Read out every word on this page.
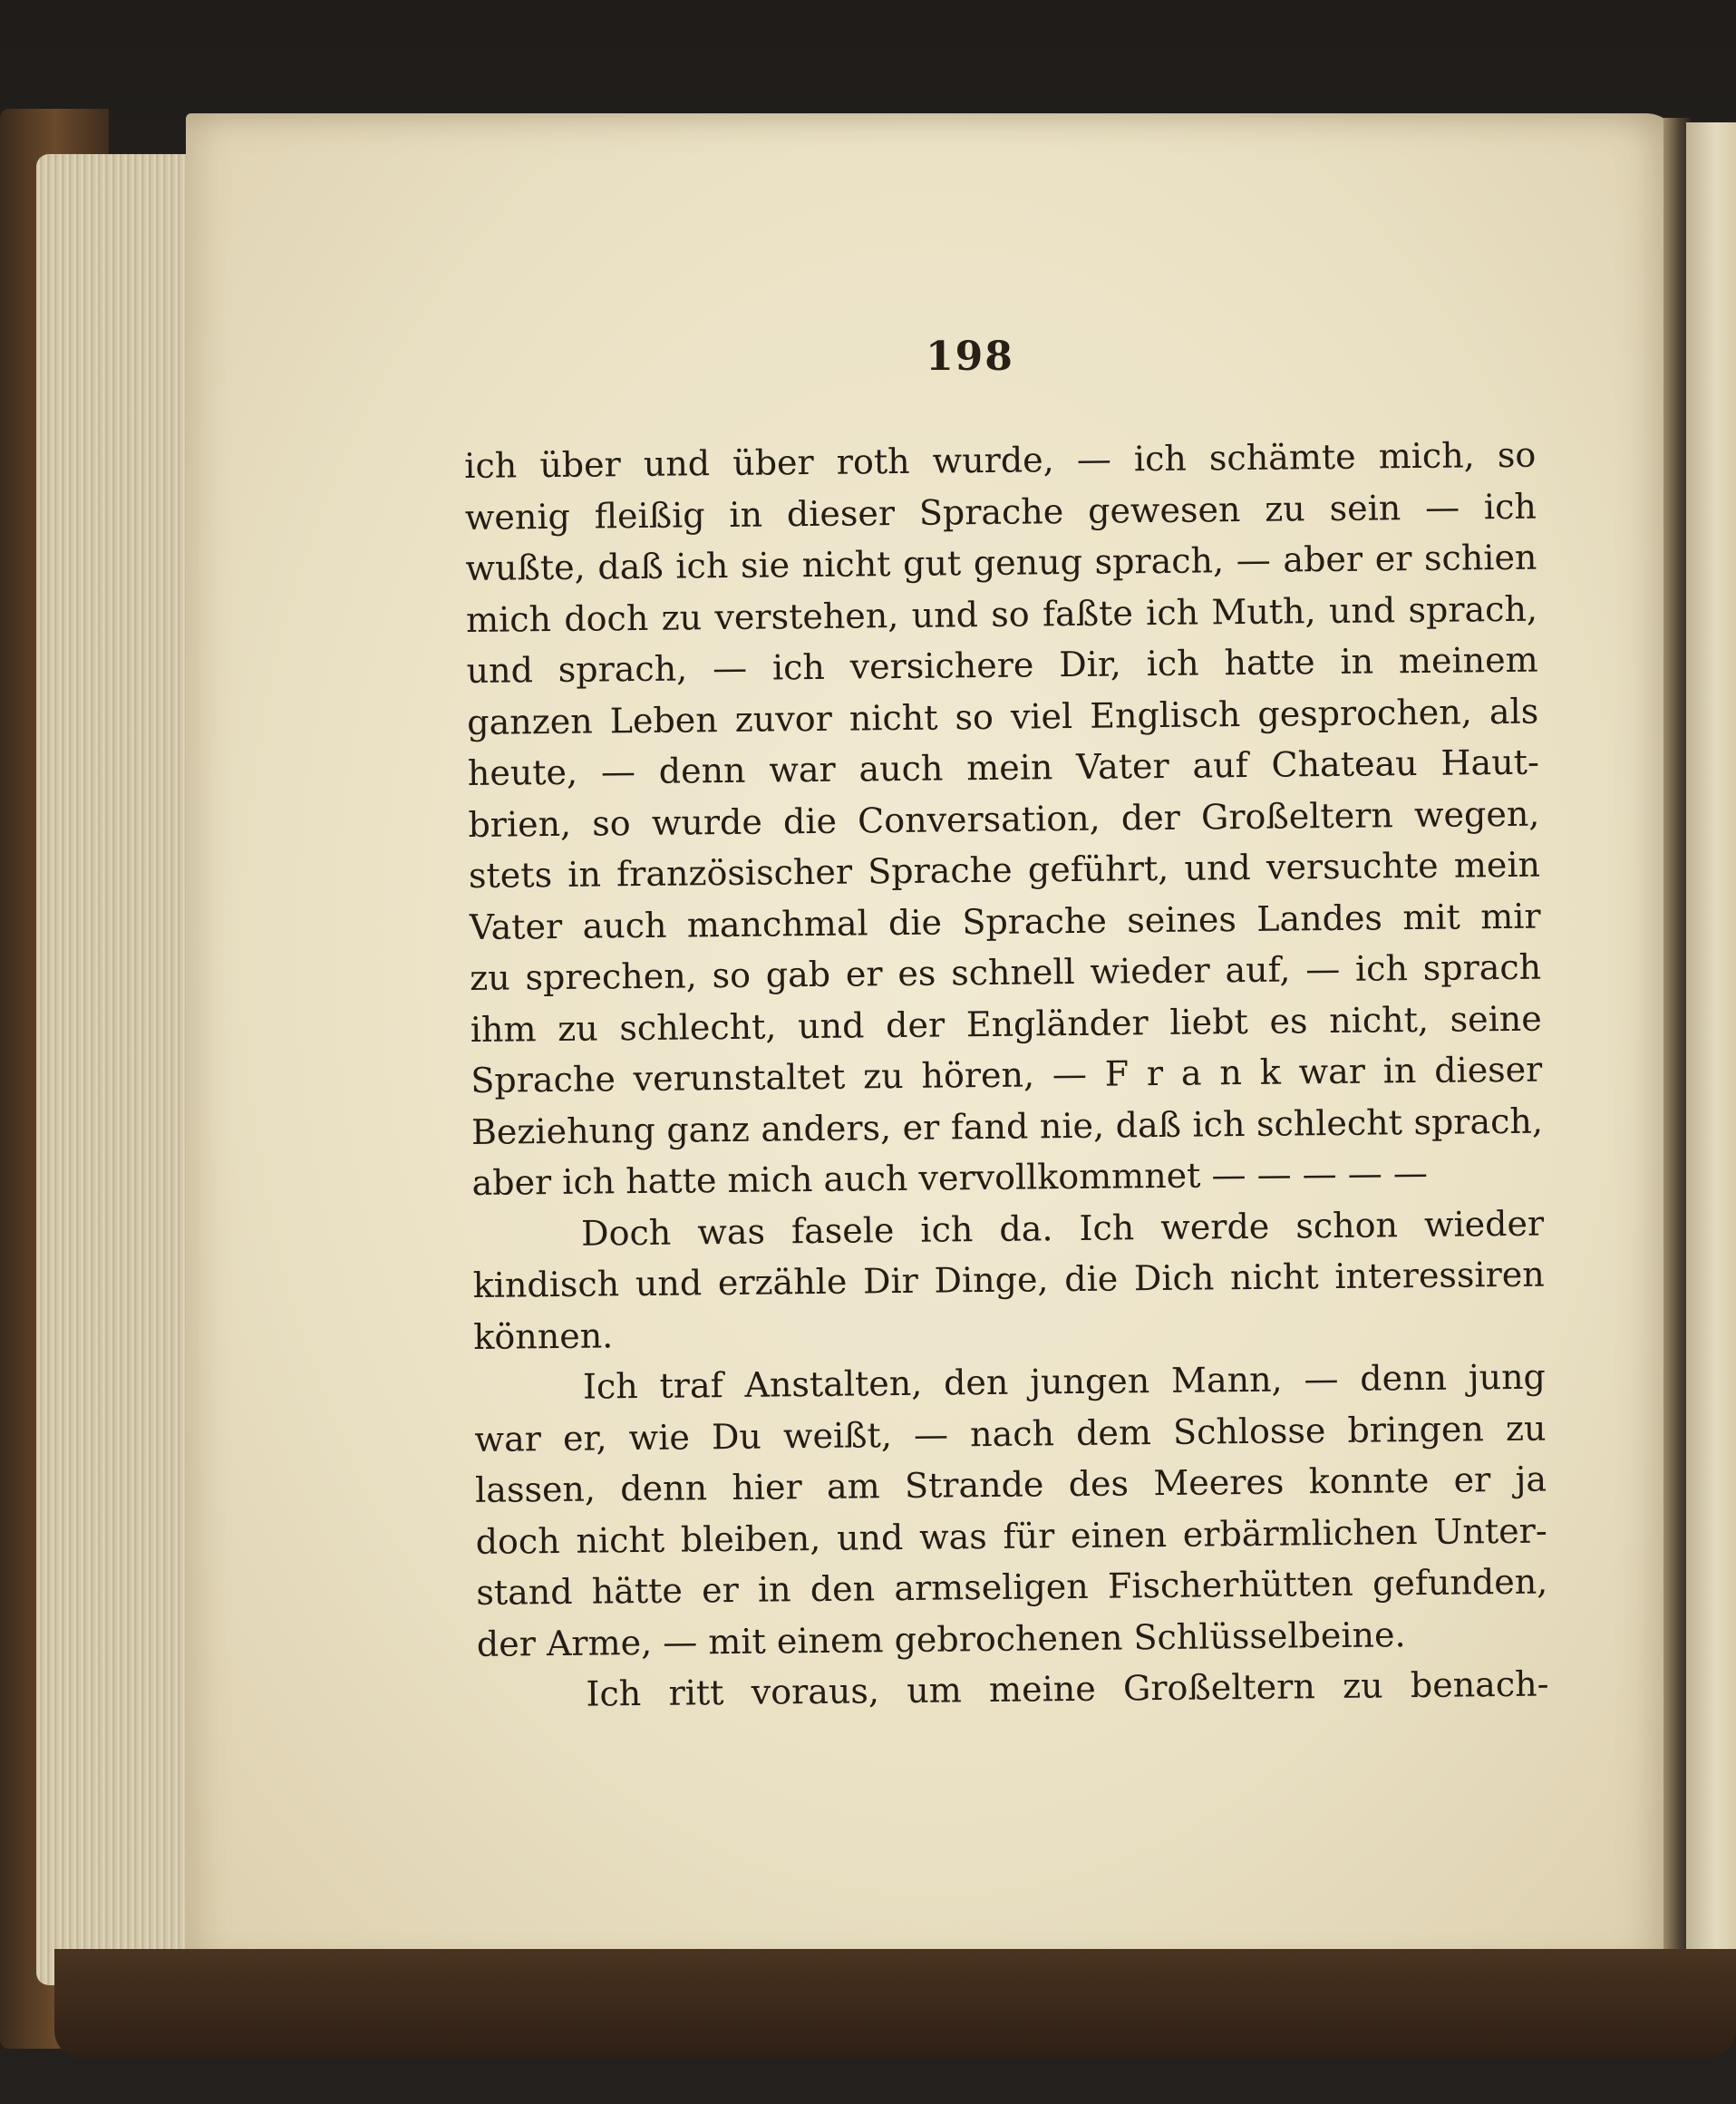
198
ich über und über roth wurde, — ich schämte mich, so
wenig fleißig in dieser Sprache gewesen zu sein — ich
wußte, daß ich sie nicht gut genug sprach, — aber er schien
mich doch zu verstehen, und so faßte ich Muth, und sprach,
und sprach, — ich versichere Dir, ich hatte in meinem
ganzen Leben zuvor nicht so viel Englisch gesprochen, als
heute, — denn war auch mein Vater auf Chateau Haut-
brien, so wurde die Conversation, der Großeltern wegen,
stets in französischer Sprache geführt, und versuchte mein
Vater auch manchmal die Sprache seines Landes mit mir
zu sprechen, so gab er es schnell wieder auf, — ich sprach
ihm zu schlecht, und der Engländer liebt es nicht, seine
Sprache verunstaltet zu hören, — F r a n k war in dieser
Beziehung ganz anders, er fand nie, daß ich schlecht sprach,
aber ich hatte mich auch vervollkommnet — — — — —
Doch was fasele ich da. Ich werde schon wieder
kindisch und erzähle Dir Dinge, die Dich nicht interessiren
können.
Ich traf Anstalten, den jungen Mann, — denn jung
war er, wie Du weißt, — nach dem Schlosse bringen zu
lassen, denn hier am Strande des Meeres konnte er ja
doch nicht bleiben, und was für einen erbärmlichen Unter-
stand hätte er in den armseligen Fischerhütten gefunden,
der Arme, — mit einem gebrochenen Schlüsselbeine.
Ich ritt voraus, um meine Großeltern zu benach-
